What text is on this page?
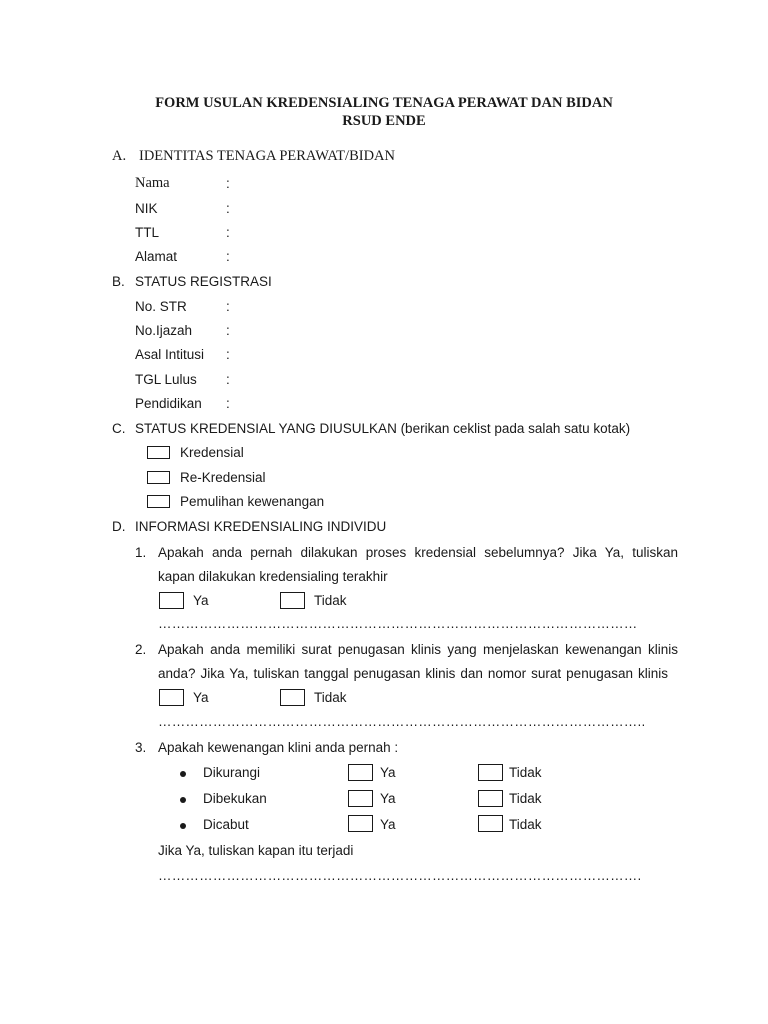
FORM USULAN KREDENSIALING TENAGA PERAWAT DAN BIDAN
RSUD ENDE
A. IDENTITAS TENAGA PERAWAT/BIDAN
Nama	:
NIK	:
TTL	:
Alamat	:
B. STATUS REGISTRASI
No. STR	:
No.Ijazah	:
Asal Intitusi :
TGL Lulus :
Pendidikan :
C. STATUS KREDENSIAL YANG DIUSULKAN (berikan ceklist pada salah satu kotak)
Kredensial
Re-Kredensial
Pemulihan kewenangan
D. INFORMASI KREDENSIALING INDIVIDU
1. Apakah anda pernah dilakukan proses kredensial sebelumnya? Jika Ya, tuliskan
kapan dilakukan kredensialing terakhir
Ya	Tidak
……………………………………………………………………………………………
2. Apakah anda memiliki surat penugasan klinis yang menjelaskan kewenangan klinis
anda? Jika Ya, tuliskan tanggal penugasan klinis dan nomor surat penugasan klinis
Ya	Tidak
……………………………………………………………………………………………..
3. Apakah kewenangan klini anda pernah :
Dikurangi	Ya	Tidak
Dibekukan	Ya	Tidak
Dicabut	Ya	Tidak
Jika Ya, tuliskan kapan itu terjadi
…………………………………………………………………………………………….
